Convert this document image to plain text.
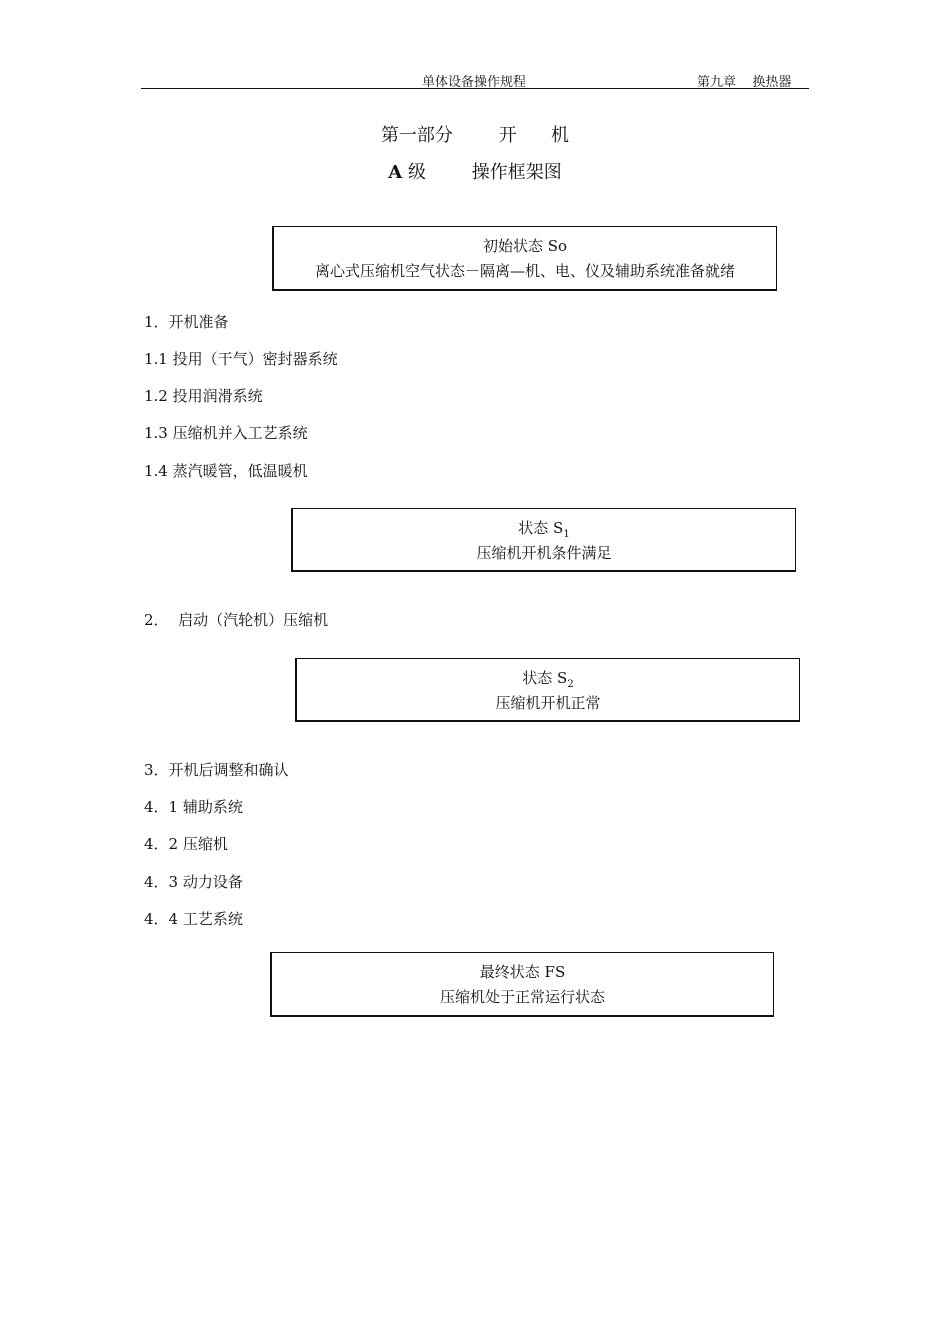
单体设备操作规程	第九章    换热器
第一部分        开      机
A 级        操作框架图
初始状态 So
离心式压缩机空气状态－隔离—机、电、仪及辅助系统准备就绪
1．开机准备
1.1 投用（干气）密封器系统
1.2 投用润滑系统
1.3 压缩机并入工艺系统
1.4 蒸汽暖管，低温暖机
状态 $S_1$
压缩机开机条件满足
2．  启动（汽轮机）压缩机
状态 $S_2$
压缩机开机正常
3．开机后调整和确认
4．1 辅助系统
4．2 压缩机
4．3 动力设备
4．4 工艺系统
最终状态 FS
压缩机处于正常运行状态
